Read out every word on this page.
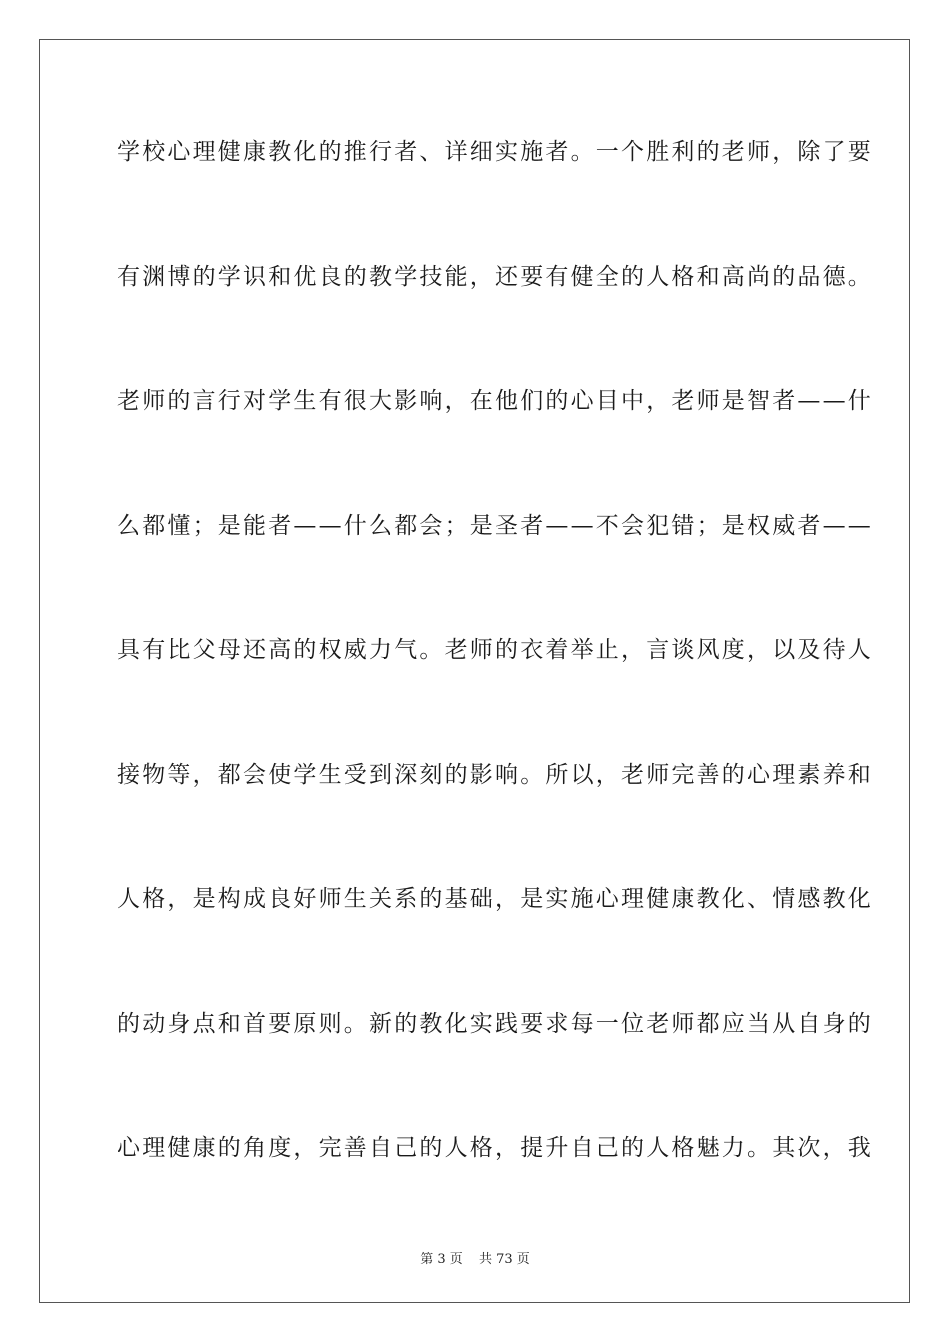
学校心理健康教化的推行者、详细实施者。一个胜利的老师，除了要
有渊博的学识和优良的教学技能，还要有健全的人格和高尚的品德。
老师的言行对学生有很大影响，在他们的心目中，老师是智者——什
么都懂；是能者——什么都会；是圣者——不会犯错；是权威者——
具有比父母还高的权威力气。老师的衣着举止，言谈风度，以及待人
接物等，都会使学生受到深刻的影响。所以，老师完善的心理素养和
人格，是构成良好师生关系的基础，是实施心理健康教化、情感教化
的动身点和首要原则。新的教化实践要求每一位老师都应当从自身的
心理健康的角度，完善自己的人格，提升自己的人格魅力。其次，我
第 3 页 共 73 页
